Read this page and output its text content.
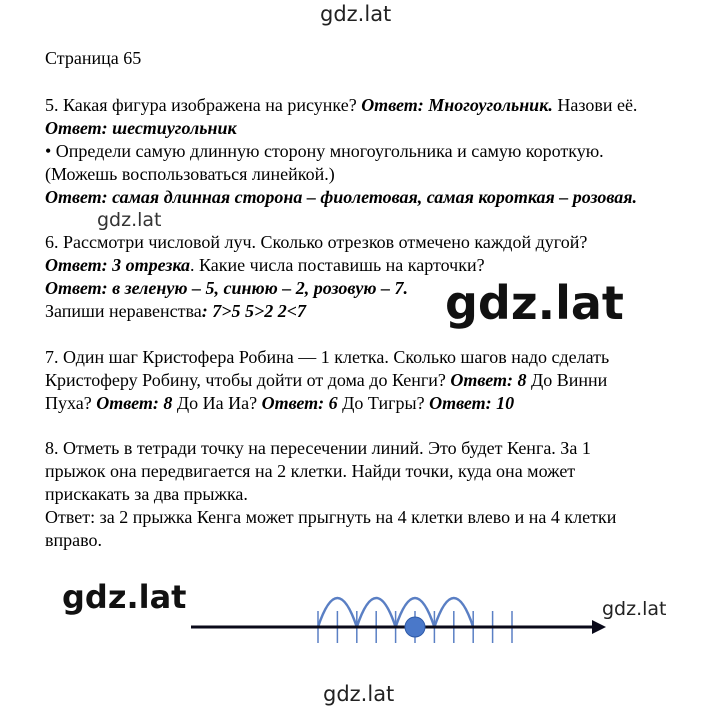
gdz.lat
Страница 65
5. Какая фигура изображена на рисунке? Ответ: Многоугольник. Назови её.
Ответ: шестиугольник
• Определи самую длинную сторону многоугольника и самую короткую.
(Можешь воспользоваться линейкой.)
Ответ: самая длинная сторона – фиолетовая, самая короткая – розовая.
gdz.lat
6. Рассмотри числовой луч. Сколько отрезков отмечено каждой дугой?
Ответ: 3 отрезка. Какие числа поставишь на карточки?
Ответ: в зеленую – 5, синюю – 2, розовую – 7.
Запиши неравенства: 7>5 5>2 2<7	gdz.lat
7. Один шаг Кристофера Робина — 1 клетка. Сколько шагов надо сделать
Кристоферу Робину, чтобы дойти от дома до Кенги? Ответ: 8 До Винни
Пуха? Ответ: 8 До Иа Иа? Ответ: 6 До Тигры? Ответ: 10
8. Отметь в тетради точку на пересечении линий. Это будет Кенга. За 1
прыжок она передвигается на 2 клетки. Найди точки, куда она может
прискакать за два прыжка.
Ответ: за 2 прыжка Кенга может прыгнуть на 4 клетки влево и на 4 клетки
вправо.
gdz.lat	gdz.lat
gdz.lat
